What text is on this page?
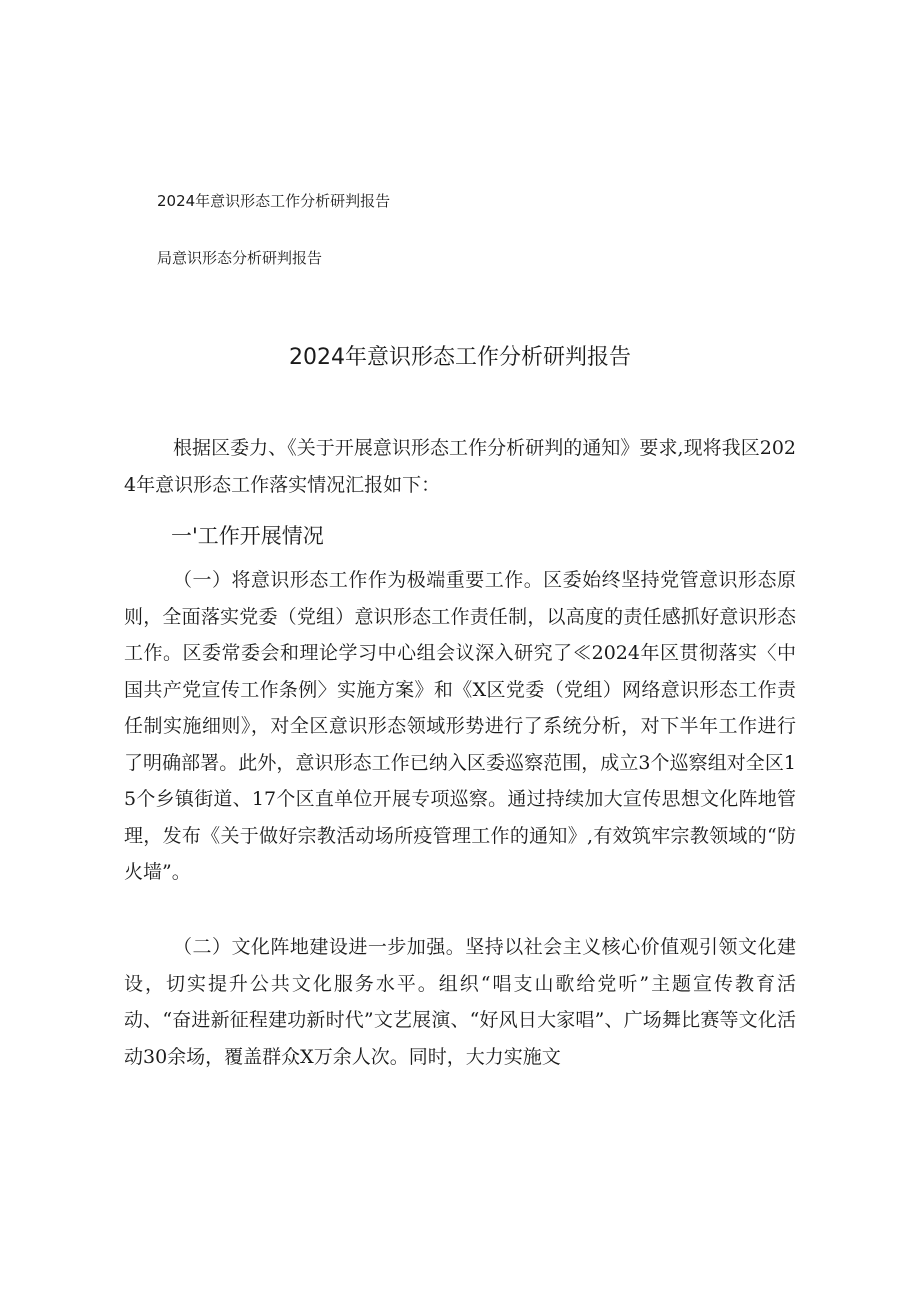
2024年意识形态工作分析研判报告
局意识形态分析研判报告
2024年意识形态工作分析研判报告
根据区委力、《关于开展意识形态工作分析研判的通知》要求,现将我区2024年意识形态工作落实情况汇报如下：
一'工作开展情况
（一）将意识形态工作作为极端重要工作。区委始终坚持党管意识形态原则，全面落实党委（党组）意识形态工作责任制，以高度的责任感抓好意识形态工作。区委常委会和理论学习中心组会议深入研究了≪2024年区贯彻落实〈中国共产党宣传工作条例〉实施方案》和《X区党委（党组）网络意识形态工作责任制实施细则》，对全区意识形态领域形势进行了系统分析，对下半年工作进行了明确部署。此外，意识形态工作已纳入区委巡察范围，成立3个巡察组对全区15个乡镇街道、17个区直单位开展专项巡察。通过持续加大宣传思想文化阵地管理，发布《关于做好宗教活动场所疫管理工作的通知》,有效筑牢宗教领域的“防火墙”。
（二）文化阵地建设进一步加强。坚持以社会主义核心价值观引领文化建设，切实提升公共文化服务水平。组织“唱支山歌给党听”主题宣传教育活动、“奋进新征程建功新时代”文艺展演、“好风日大家唱”、广场舞比赛等文化活动30余场，覆盖群众X万余人次。同时，大力实施文
